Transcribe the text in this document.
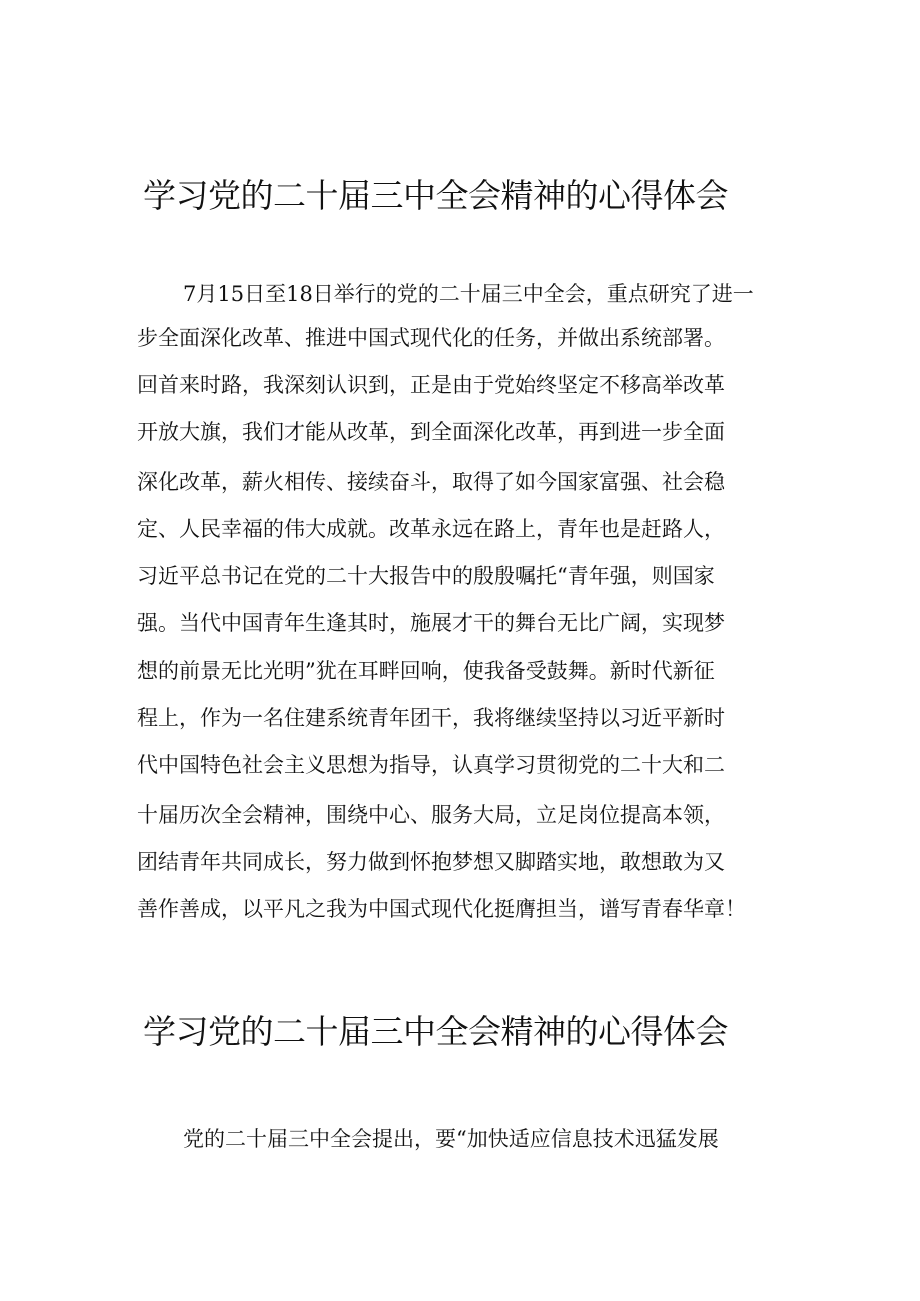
学习党的二十届三中全会精神的心得体会

7月15日至18日举行的党的二十届三中全会，重点研究了进一

步全面深化改革、推进中国式现代化的任务，并做出系统部署。

回首来时路，我深刻认识到，正是由于党始终坚定不移高举改革

开放大旗，我们才能从改革，到全面深化改革，再到进一步全面

深化改革，薪火相传、接续奋斗，取得了如今国家富强、社会稳

定、人民幸福的伟大成就。改革永远在路上，青年也是赶路人，

习近平总书记在党的二十大报告中的殷殷嘱托“青年强，则国家

强。当代中国青年生逢其时，施展才干的舞台无比广阔，实现梦

想的前景无比光明”犹在耳畔回响，使我备受鼓舞。新时代新征

程上，作为一名住建系统青年团干，我将继续坚持以习近平新时

代中国特色社会主义思想为指导，认真学习贯彻党的二十大和二

十届历次全会精神，围绕中心、服务大局，立足岗位提高本领，

团结青年共同成长，努力做到怀抱梦想又脚踏实地，敢想敢为又

善作善成，以平凡之我为中国式现代化挺膺担当，谱写青春华章！

学习党的二十届三中全会精神的心得体会

党的二十届三中全会提出，要“加快适应信息技术迅猛发展
